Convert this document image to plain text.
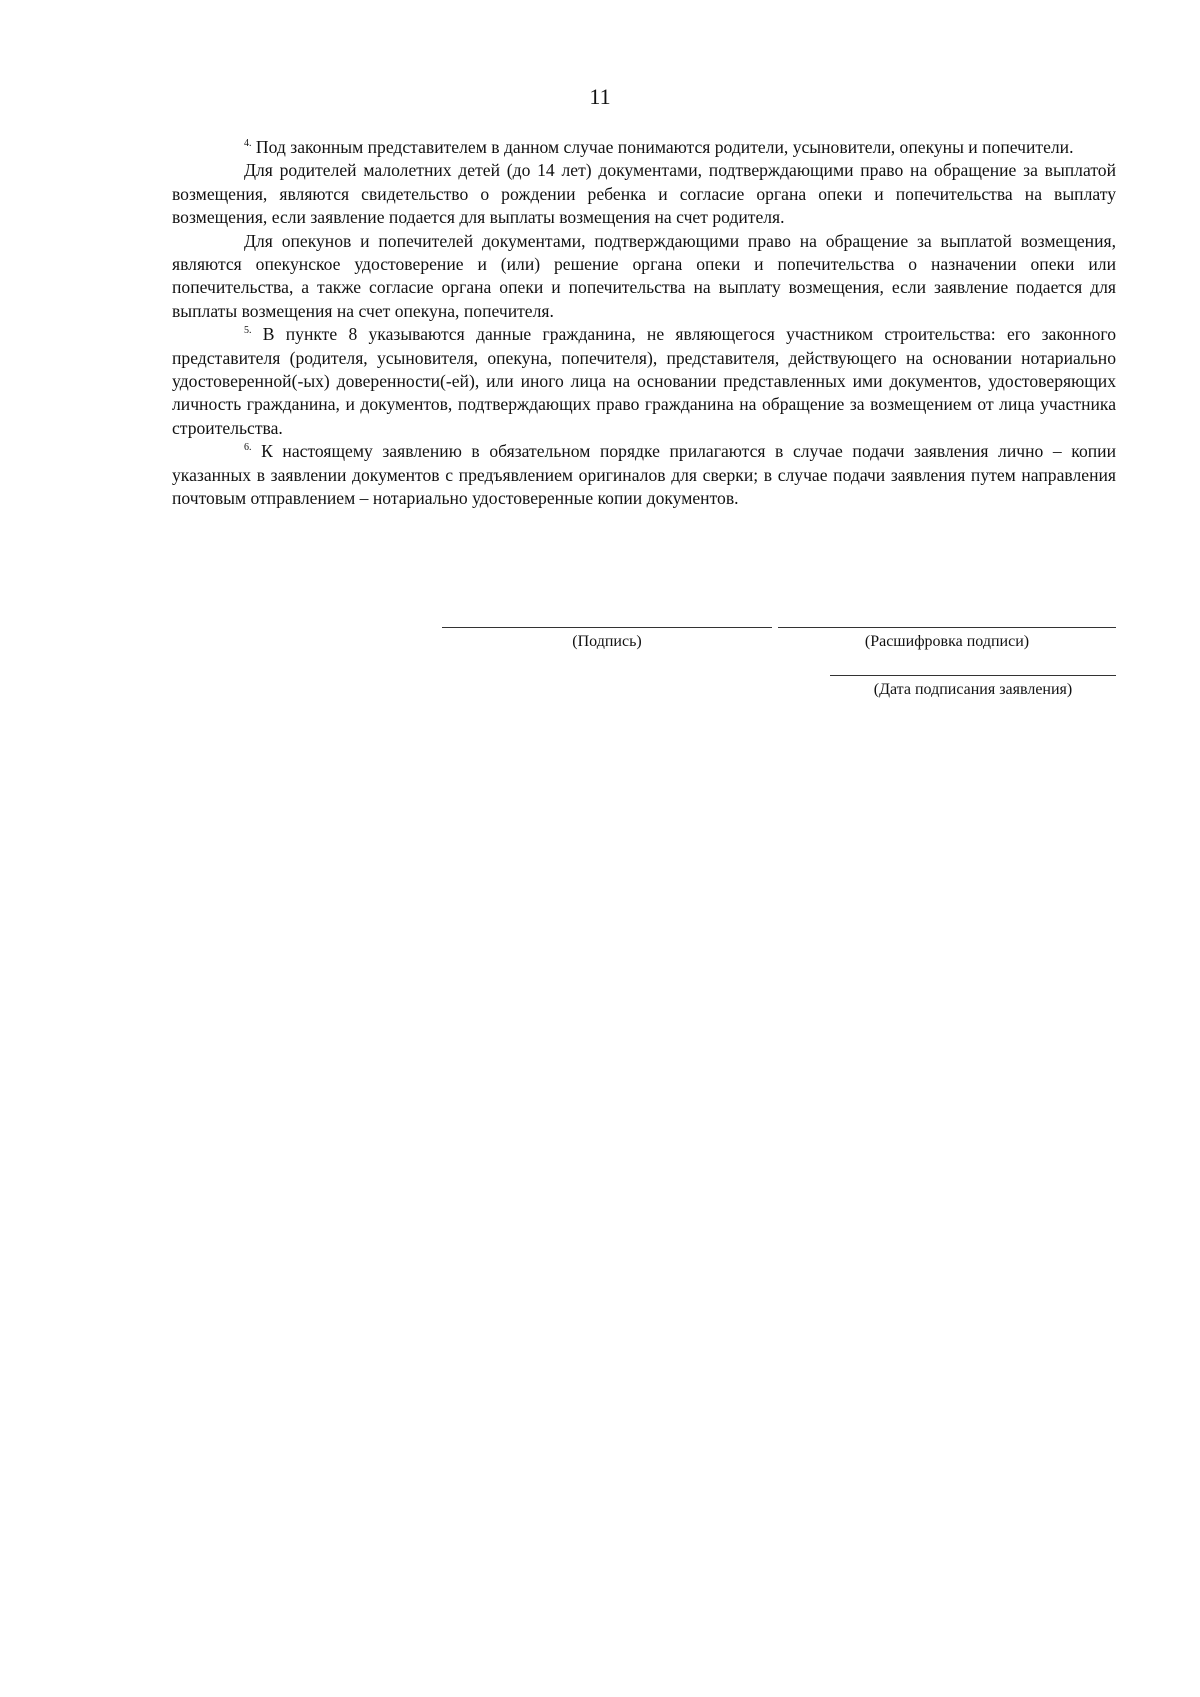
11

$^{4.}$ Под законным представителем в данном случае понимаются родители, усыновители, опекуны и попечители.

Для родителей малолетних детей (до 14 лет) документами, подтверждающими право на обращение за выплатой возмещения, являются свидетельство о рождении ребенка и согласие органа опеки и попечительства на выплату возмещения, если заявление подается для выплаты возмещения на счет родителя.

Для опекунов и попечителей документами, подтверждающими право на обращение за выплатой возмещения, являются опекунское удостоверение и (или) решение органа опеки и попечительства о назначении опеки или попечительства, а также согласие органа опеки и попечительства на выплату возмещения, если заявление подается для выплаты возмещения на счет опекуна, попечителя.

$^{5.}$ В пункте 8 указываются данные гражданина, не являющегося участником строительства: его законного представителя (родителя, усыновителя, опекуна, попечителя), представителя, действующего на основании нотариально удостоверенной(-ых) доверенности(-ей), или иного лица на основании представленных ими документов, удостоверяющих личность гражданина, и документов, подтверждающих право гражданина на обращение за возмещением от лица участника строительства.

$^{6.}$ К настоящему заявлению в обязательном порядке прилагаются в случае подачи заявления лично – копии указанных в заявлении документов с предъявлением оригиналов для сверки; в случае подачи заявления путем направления почтовым отправлением – нотариально удостоверенные копии документов.

(Подпись)	(Расшифровка подписи)
(Дата подписания заявления)
